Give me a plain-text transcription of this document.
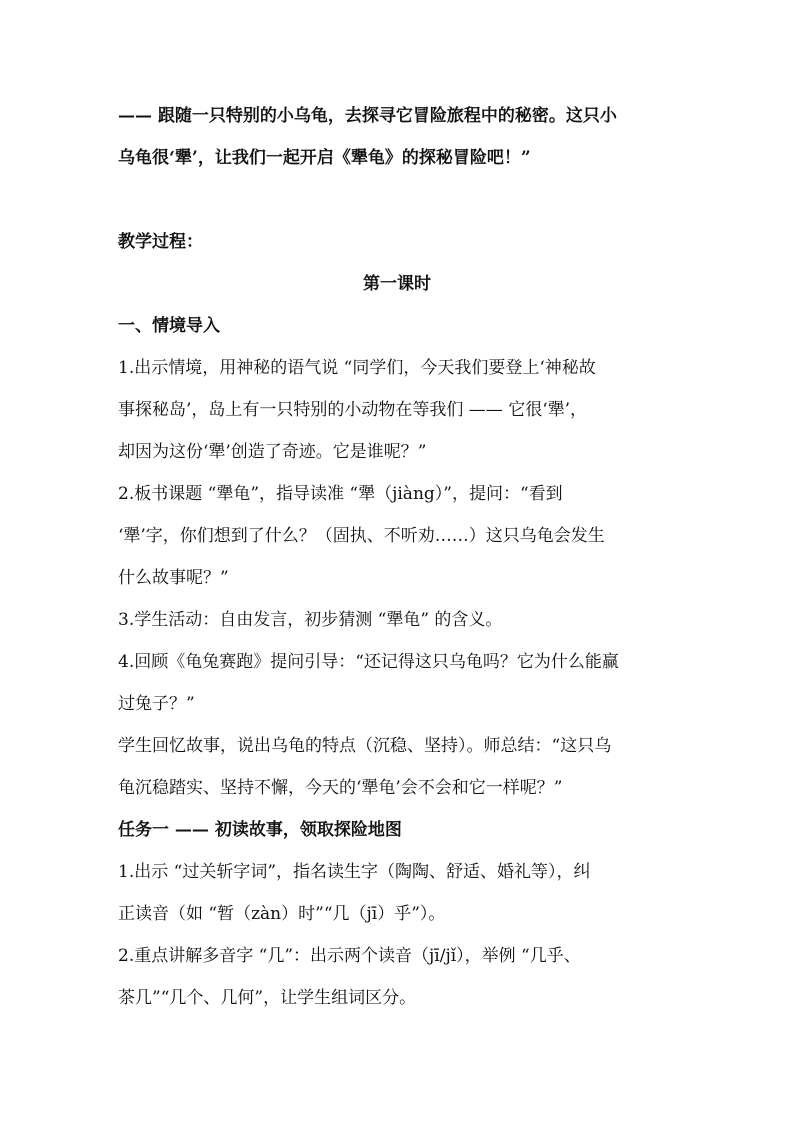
—— 跟随一只特别的小乌龟，去探寻它冒险旅程中的秘密。这只小
乌龟很‘犟’，让我们一起开启《犟龟》的探秘冒险吧！”
教学过程：
第一课时
一、情境导入
1.出示情境，用神秘的语气说 “同学们，今天我们要登上‘神秘故
事探秘岛’，岛上有一只特别的小动物在等我们 —— 它很‘犟’，
却因为这份‘犟’创造了奇迹。它是谁呢？”
2.板书课题 “犟龟”，指导读准 “犟（jiàng）”，提问：“看到
‘犟’字，你们想到了什么？（固执、不听劝……）这只乌龟会发生
什么故事呢？”
3.学生活动：自由发言，初步猜测 “犟龟” 的含义。
4.回顾《龟兔赛跑》提问引导：“还记得这只乌龟吗？它为什么能赢
过兔子？”
学生回忆故事，说出乌龟的特点（沉稳、坚持）。师总结：“这只乌
龟沉稳踏实、坚持不懈，今天的‘犟龟’会不会和它一样呢？”
任务一 —— 初读故事，领取探险地图
1.出示 “过关斩字词”，指名读生字（陶陶、舒适、婚礼等），纠
正读音（如 “暂（zàn）时”“几（jī）乎”）。
2.重点讲解多音字 “几”：出示两个读音（jī/jǐ），举例 “几乎、
茶几”“几个、几何”，让学生组词区分。
